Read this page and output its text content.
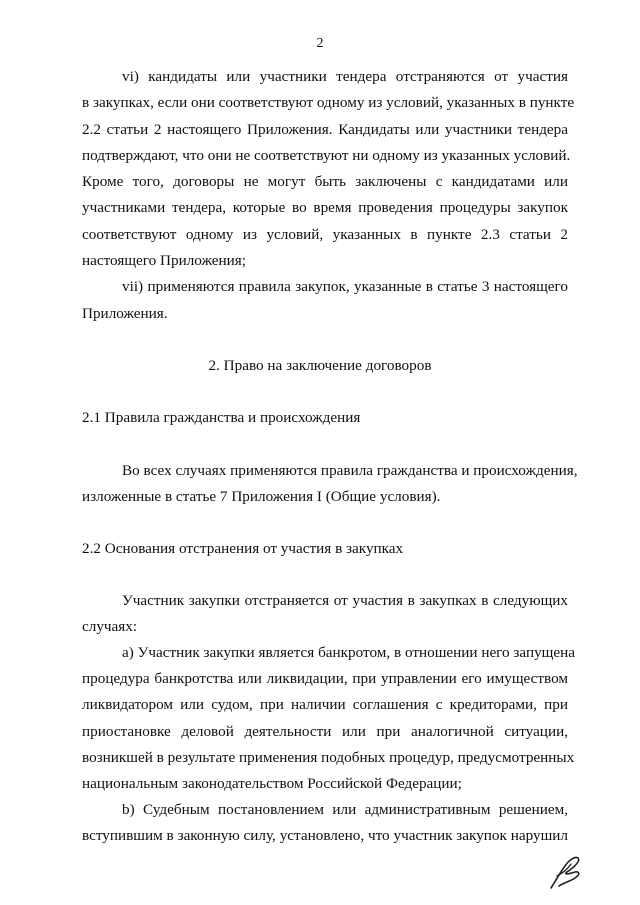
2
vi) кандидаты или участники тендера отстраняются от участия
в закупках, если они соответствуют одному из условий, указанных в пункте
2.2 статьи 2 настоящего Приложения. Кандидаты или участники тендера
подтверждают, что они не соответствуют ни одному из указанных условий.
Кроме того, договоры не могут быть заключены с кандидатами или
участниками тендера, которые во время проведения процедуры закупок
соответствуют одному из условий, указанных в пункте 2.3 статьи 2
настоящего Приложения;
vii) применяются правила закупок, указанные в статье 3 настоящего
Приложения.
2. Право на заключение договоров
2.1 Правила гражданства и происхождения
Во всех случаях применяются правила гражданства и происхождения,
изложенные в статье 7 Приложения I (Общие условия).
2.2 Основания отстранения от участия в закупках
Участник закупки отстраняется от участия в закупках в следующих
случаях:
а) Участник закупки является банкротом, в отношении него запущена
процедура банкротства или ликвидации, при управлении его имуществом
ликвидатором или судом, при наличии соглашения с кредиторами, при
приостановке деловой деятельности или при аналогичной ситуации,
возникшей в результате применения подобных процедур, предусмотренных
национальным законодательством Российской Федерации;
b) Судебным постановлением или административным решением,
вступившим в законную силу, установлено, что участник закупок нарушил
